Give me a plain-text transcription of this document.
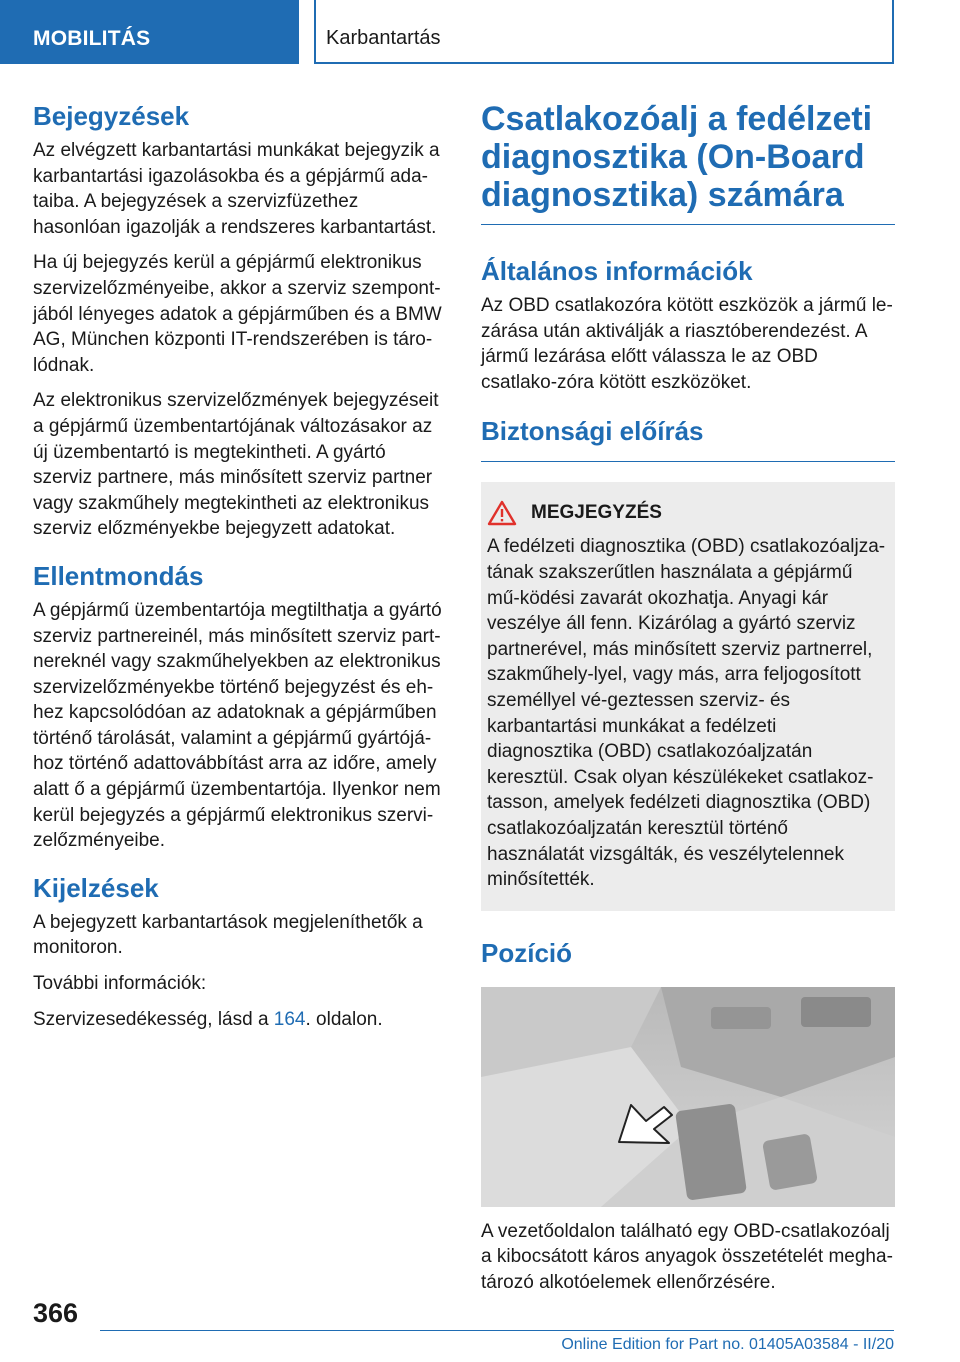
MOBILITÁS	Karbantartás
Bejegyzések

Az elvégzett karbantartási munkákat bejegyzik a karbantartási igazolásokba és a gépjármű ada-taiba. A bejegyzések a szervizfüzethez hasonlóan igazolják a rendszeres karbantartást.

Ha új bejegyzés kerül a gépjármű elektronikus szervizelőzményeibe, akkor a szerviz szempont-jából lényeges adatok a gépjárműben és a BMW AG, München központi IT-rendszerében is táro-lódnak.

Az elektronikus szervizelőzmények bejegyzéseit a gépjármű üzembentartójának változásakor az új üzembentartó is megtekintheti. A gyártó szerviz partnere, más minősített szerviz partner vagy szakműhely megtekintheti az elektronikus szerviz előzményekbe bejegyzett adatokat.

Ellentmondás

A gépjármű üzembentartója megtilthatja a gyártó szerviz partnereinél, más minősített szerviz part-nereknél vagy szakműhelyekben az elektronikus szervizelőzményekbe történő bejegyzést és eh-hez kapcsolódóan az adatoknak a gépjárműben történő tárolását, valamint a gépjármű gyártójá-hoz történő adattovábbítást arra az időre, amely alatt ő a gépjármű üzembentartója. Ilyenkor nem kerül bejegyzés a gépjármű elektronikus szervi-zelőzményeibe.

Kijelzések

A bejegyzett karbantartások megjeleníthetők a monitoron.

További információk:

Szervizesedékesség, lásd a 164. oldalon.

Csatlakozóalj a fedélzeti diagnosztika (On-Board diagnosztika) számára
Általános információk

Az OBD csatlakozóra kötött eszközök a jármű le-zárása után aktiválják a riasztóberendezést. A jármű lezárása előtt válassza le az OBD csatlako-zóra kötött eszközöket.

Biztonsági előírás
MEGJEGYZÉS

A fedélzeti diagnosztika (OBD) csatlakozóaljza-tának szakszerűtlen használata a gépjármű mű-ködési zavarát okozhatja. Anyagi kár veszélye áll fenn. Kizárólag a gyártó szerviz partnerével, más minősített szerviz partnerrel, szakműhely-lyel, vagy más, arra feljogosított személlyel vé-geztessen szerviz- és karbantartási munkákat a fedélzeti diagnosztika (OBD) csatlakozóaljzatán keresztül. Csak olyan készülékeket csatlakoz-tasson, amelyek fedélzeti diagnosztika (OBD) csatlakozóaljzatán keresztül történő használatát vizsgálták, és veszélytelennek minősítették.

Pozíció

A vezetőoldalon található egy OBD-csatlakozóalj a kibocsátott káros anyagok összetételét megha-tározó alkotóelemek ellenőrzésére.

366
Online Edition for Part no. 01405A03584 - II/20
